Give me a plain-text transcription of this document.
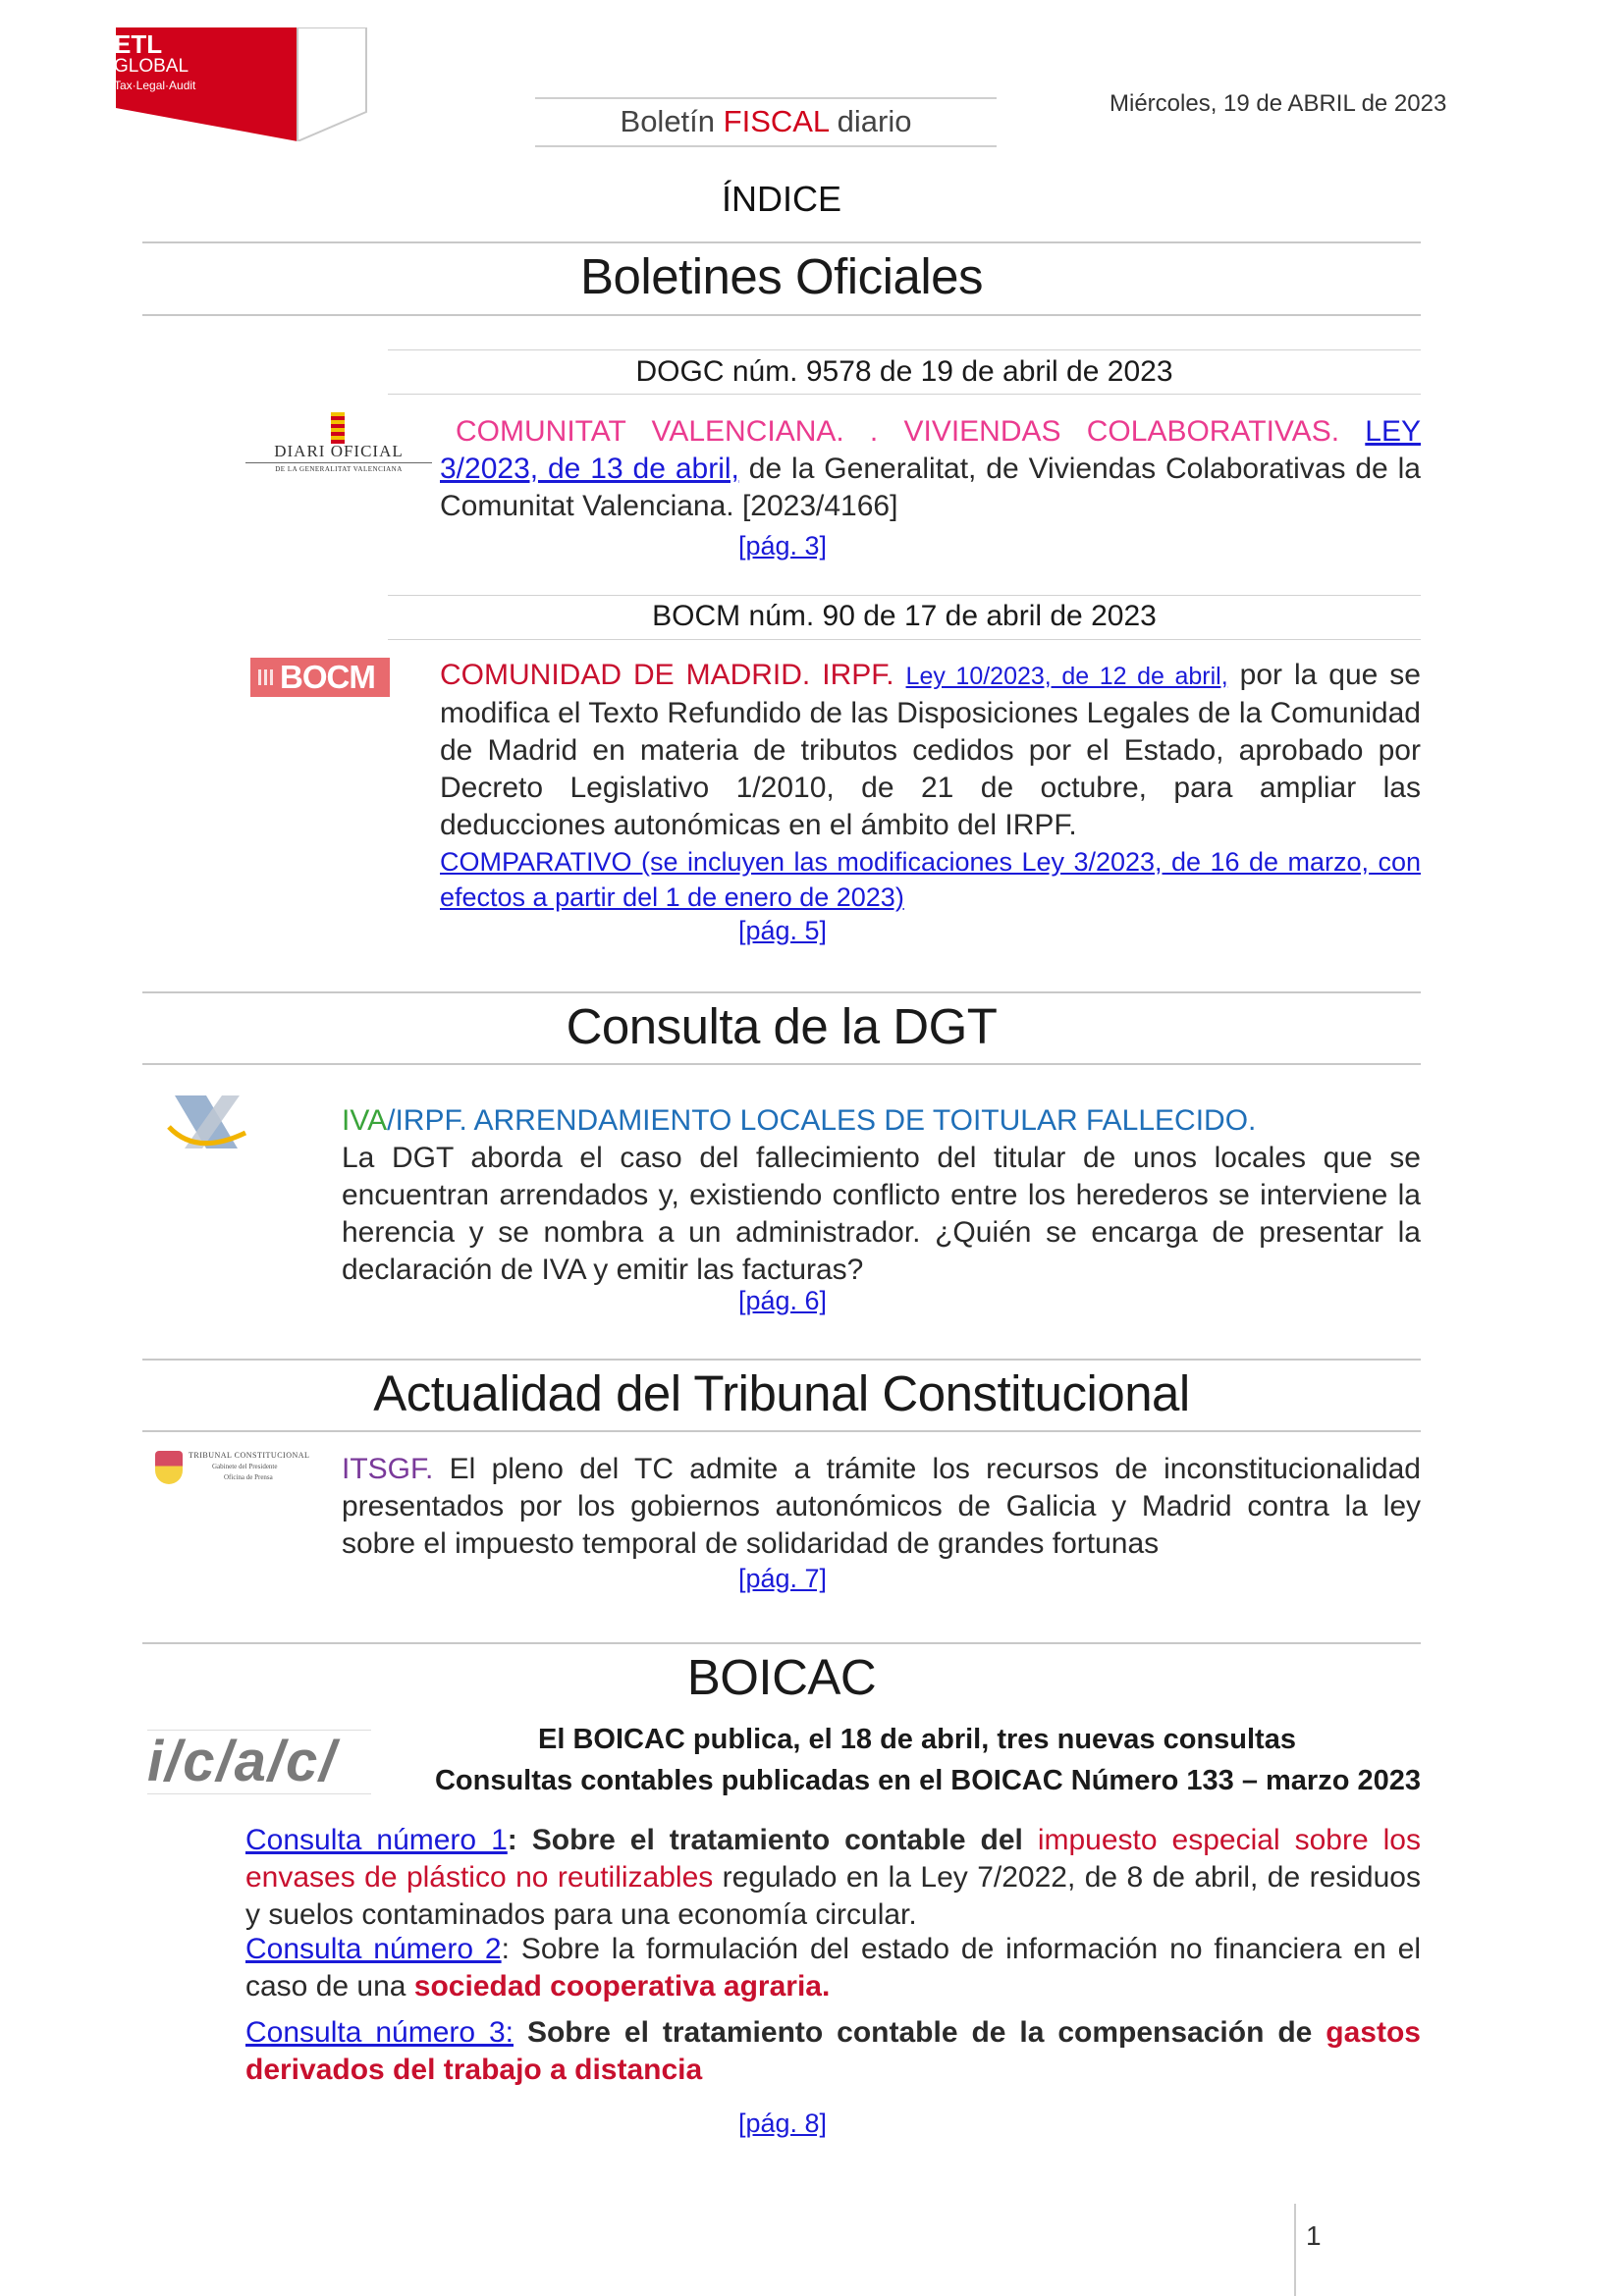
ETL
GLOBAL
Tax·Legal·Audit
Boletín FISCAL diario
Miércoles, 19 de ABRIL de 2023
ÍNDICE
Boletines Oficiales
DOGC núm. 9578 de 19 de abril de 2023
DIARI OFICIAL
DE LA GENERALITAT VALENCIANA

COMUNITAT VALENCIANA. . VIVIENDAS COLABORATIVAS. LEY 3/2023, de 13 de abril, de la Generalitat, de Viviendas Colaborativas de la Comunitat Valenciana. [2023/4166]

[pág. 3]
BOCM núm. 90 de 17 de abril de 2023
BOCM COMUNIDAD DE MADRID. IRPF. Ley 10/2023, de 12 de abril, por la que se modifica el Texto Refundido de las Disposiciones Legales de la Comunidad de Madrid en materia de tributos cedidos por el Estado, aprobado por Decreto Legislativo 1/2010, de 21 de octubre, para ampliar las deducciones autonómicas en el ámbito del IRPF.

COMPARATIVO (se incluyen las modificaciones Ley 3/2023, de 16 de marzo, con efectos a partir del 1 de enero de 2023)

[pág. 5]
Consulta de la DGT

IVA/IRPF. ARRENDAMIENTO LOCALES DE TOITULAR FALLECIDO.

La DGT aborda el caso del fallecimiento del titular de unos locales que se encuentran arrendados y, existiendo conflicto entre los herederos se interviene la herencia y se nombra a un administrador. ¿Quién se encarga de presentar la declaración de IVA y emitir las facturas?

[pág. 6]
Actualidad del Tribunal Constitucional
TRIBUNAL CONSTITUCIONAL
Gabinete del Presidente
Oficina de Prensa ITSGF. El pleno del TC admite a trámite los recursos de inconstitucionalidad presentados por los gobiernos autonómicos de Galicia y Madrid contra la ley sobre el impuesto temporal de solidaridad de grandes fortunas

[pág. 7]
BOICAC
i/c/a/c/	El BOICAC publica, el 18 de abril, tres nuevas consultas
Consultas contables publicadas en el BOICAC Número 133 – marzo 2023

Consulta número 1: Sobre el tratamiento contable del impuesto especial sobre los envases de plástico no reutilizables regulado en la Ley 7/2022, de 8 de abril, de residuos y suelos contaminados para una economía circular.

Consulta número 2: Sobre la formulación del estado de información no financiera en el caso de una sociedad cooperativa agraria.

Consulta número 3: Sobre el tratamiento contable de la compensación de gastos derivados del trabajo a distancia

[pág. 8]
1
